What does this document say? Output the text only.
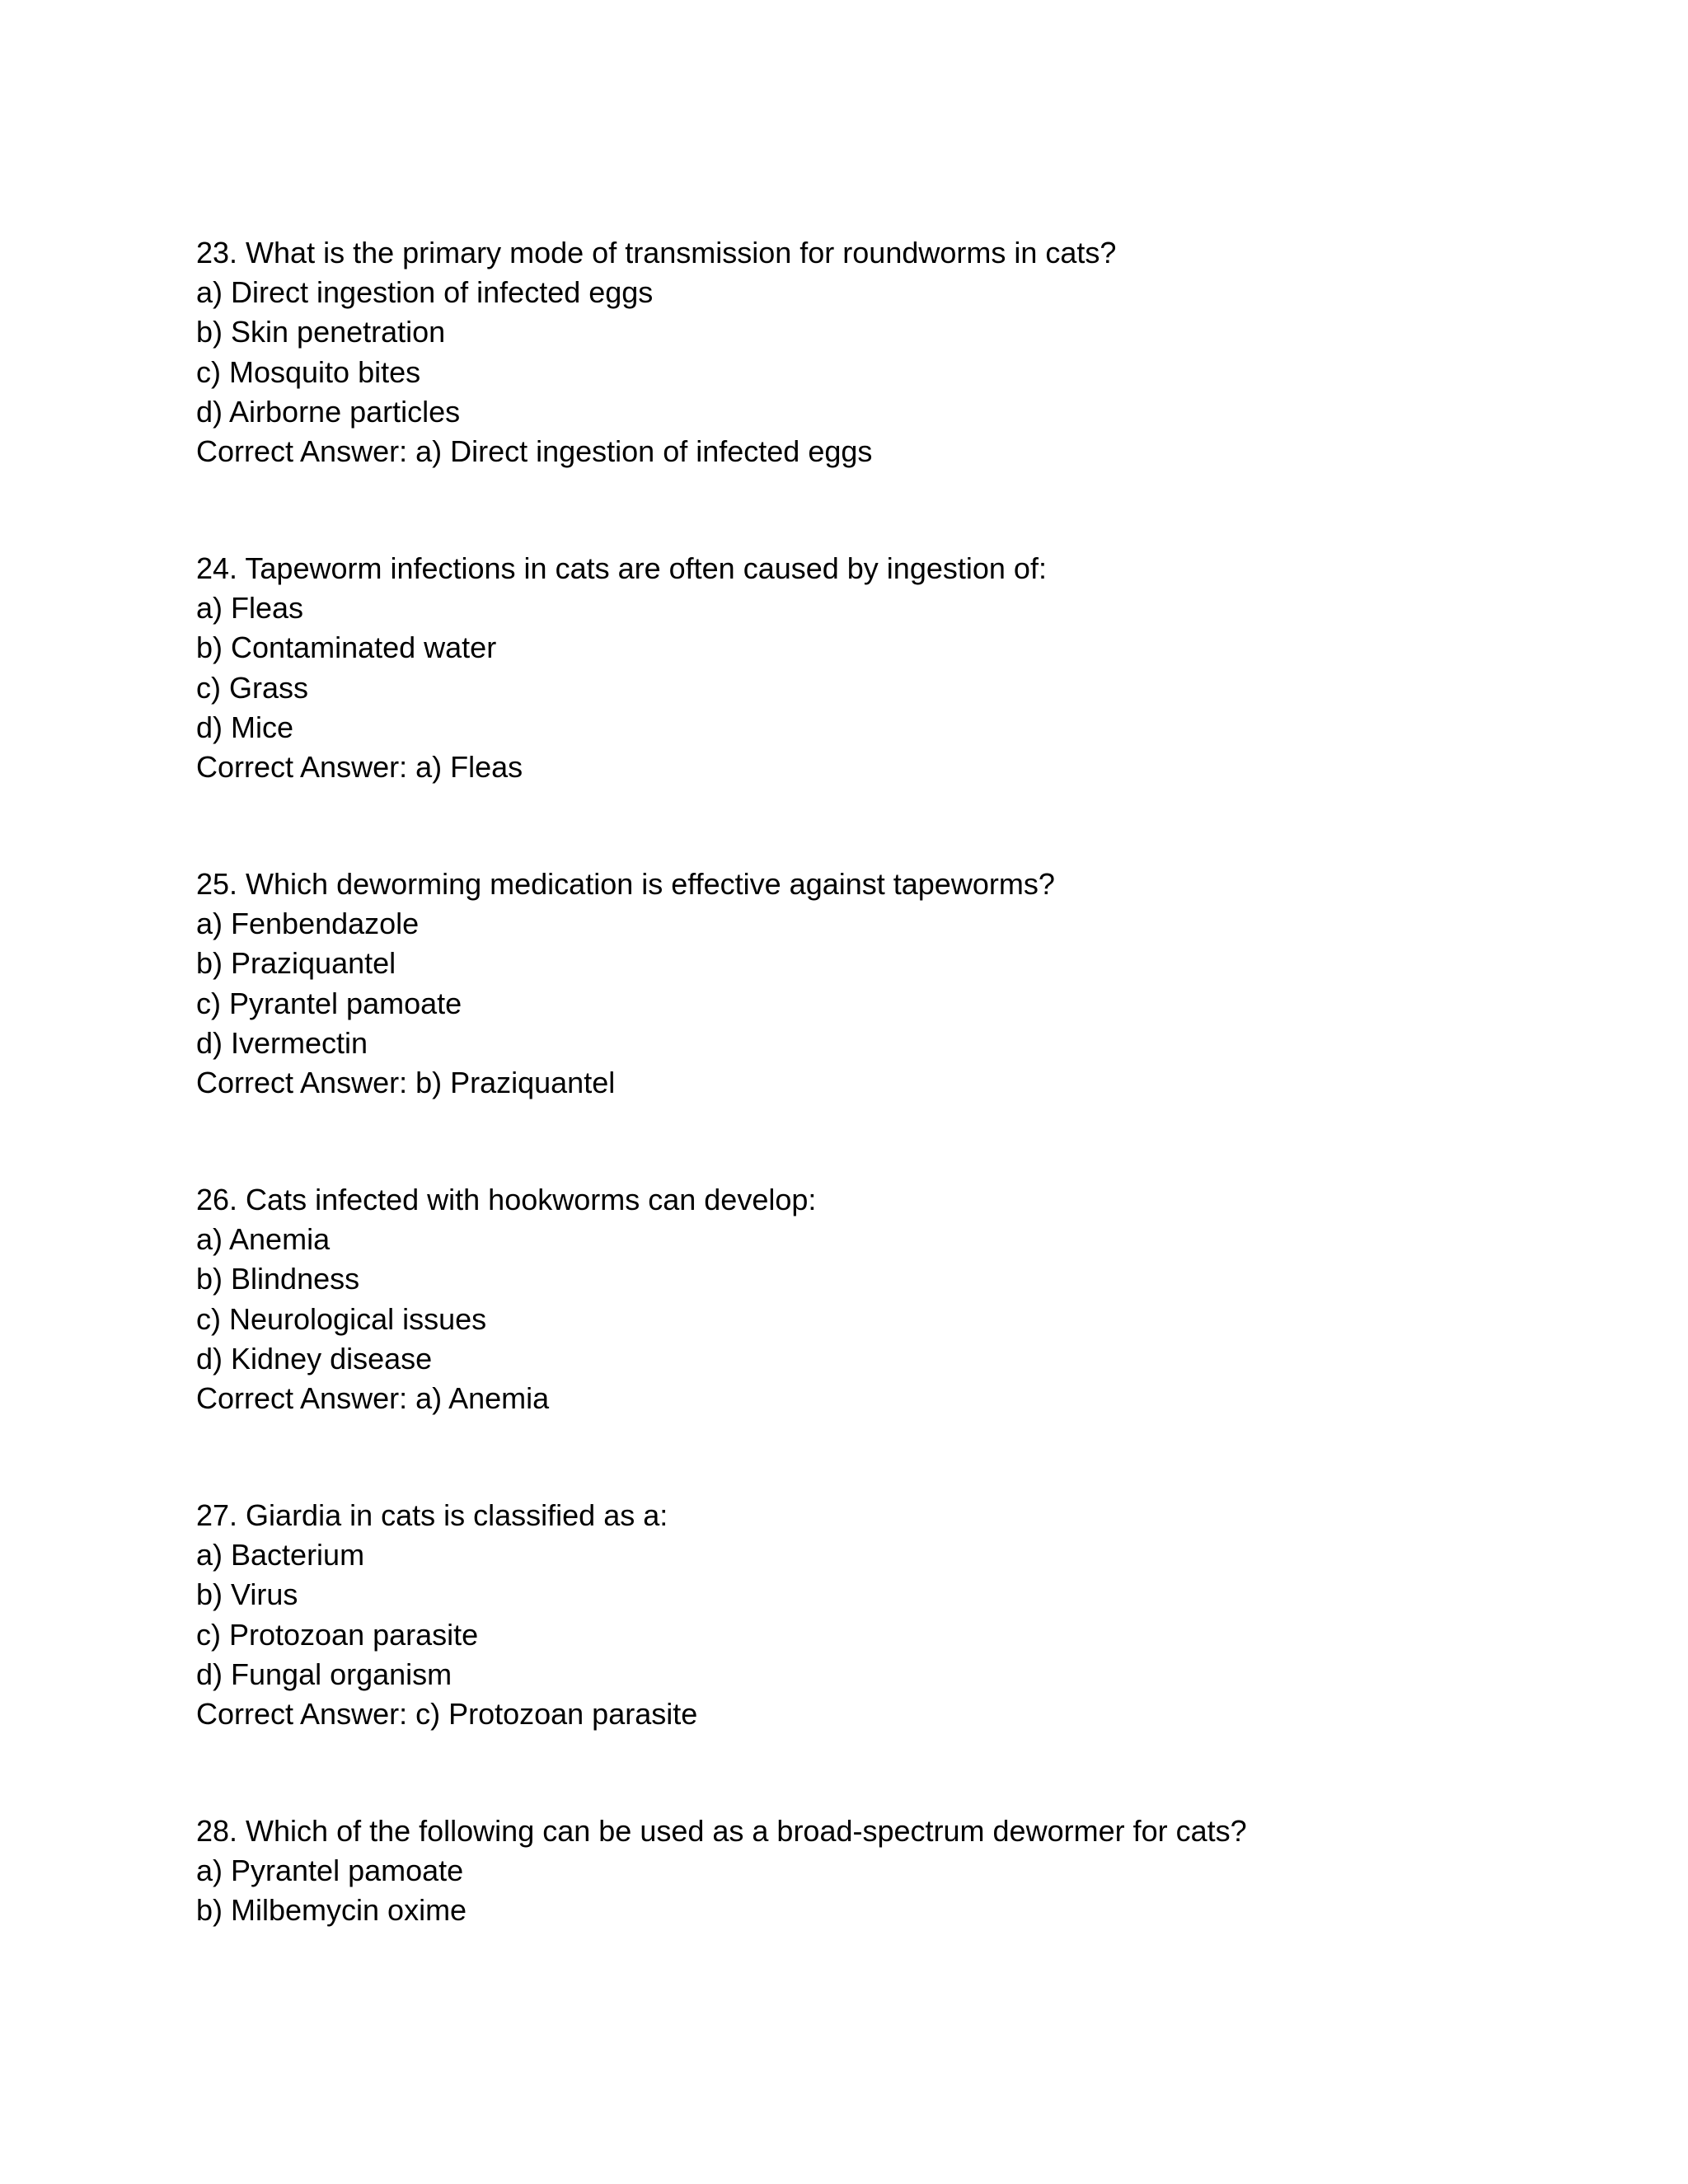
23. What is the primary mode of transmission for roundworms in cats?
a) Direct ingestion of infected eggs
b) Skin penetration
c) Mosquito bites
d) Airborne particles
Correct Answer: a) Direct ingestion of infected eggs
24. Tapeworm infections in cats are often caused by ingestion of:
a) Fleas
b) Contaminated water
c) Grass
d) Mice
Correct Answer: a) Fleas
25. Which deworming medication is effective against tapeworms?
a) Fenbendazole
b) Praziquantel
c) Pyrantel pamoate
d) Ivermectin
Correct Answer: b) Praziquantel
26. Cats infected with hookworms can develop:
a) Anemia
b) Blindness
c) Neurological issues
d) Kidney disease
Correct Answer: a) Anemia
27. Giardia in cats is classified as a:
a) Bacterium
b) Virus
c) Protozoan parasite
d) Fungal organism
Correct Answer: c) Protozoan parasite
28. Which of the following can be used as a broad-spectrum dewormer for cats?
a) Pyrantel pamoate
b) Milbemycin oxime
